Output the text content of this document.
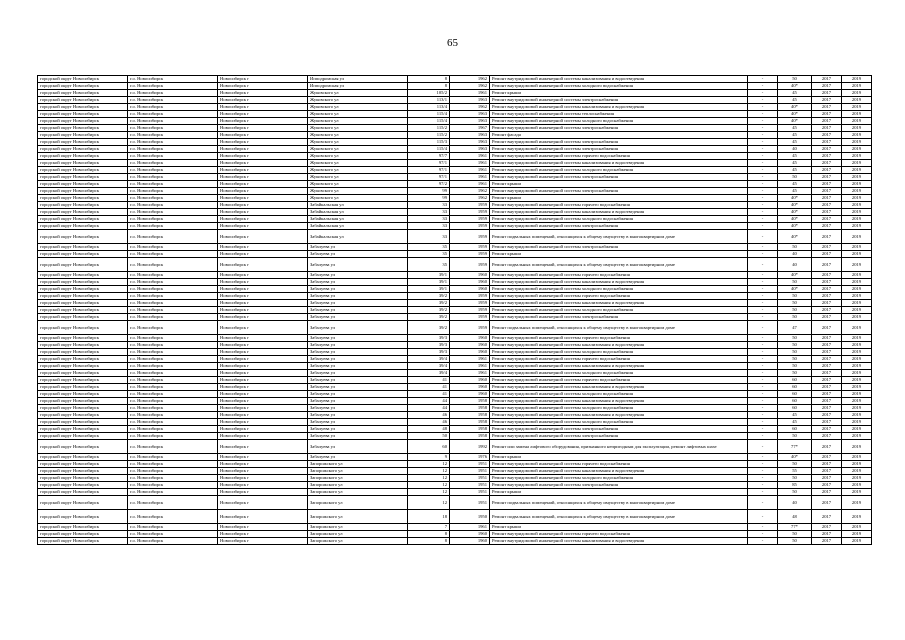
65
городской округ Новосибирск	г.о. Новосибирск	Новосибирск г	Ипподромская ул	8	1962	Ремонт внутридомовой инженерной системы канализования и водоотведения	-	50	2017	2019
городской округ Новосибирск	г.о. Новосибирск	Новосибирск г	Ипподромская ул	8	1962	Ремонт внутридомовой инженерной системы холодного водоснабжения	-	40*	2017	2019
городской округ Новосибирск	г.о. Новосибирск	Новосибирск г	Жуковского ул	105/2	1961	Ремонт крыши	-	45	2017	2019
городской округ Новосибирск	г.о. Новосибирск	Новосибирск г	Жуковского ул	113/1	1963	Ремонт внутридомовой инженерной системы электроснабжения	-	45	2017	2019
городской округ Новосибирск	г.о. Новосибирск	Новосибирск г	Жуковского ул	113/4	1962	Ремонт внутридомовой инженерной системы канализования и водоотведения	-	40*	2017	2019
городской округ Новосибирск	г.о. Новосибирск	Новосибирск г	Жуковского ул	115/4	1963	Ремонт внутридомовой инженерной системы теплоснабжения	-	40*	2017	2019
городской округ Новосибирск	г.о. Новосибирск	Новосибирск г	Жуковского ул	115/4	1963	Ремонт внутридомовой инженерной системы холодного водоснабжения	-	40*	2017	2019
городской округ Новосибирск	г.о. Новосибирск	Новосибирск г	Жуковского ул	115/2	1967	Ремонт внутридомовой инженерной системы электроснабжения	-	45	2017	2019
городской округ Новосибирск	г.о. Новосибирск	Новосибирск г	Жуковского ул	115/2	1963	Ремонт фасада	-	45	2017	2019
городской округ Новосибирск	г.о. Новосибирск	Новосибирск г	Жуковского ул	115/3	1963	Ремонт внутридомовой инженерной системы электроснабжения	-	45	2017	2019
городской округ Новосибирск	г.о. Новосибирск	Новосибирск г	Жуковского ул	115/4	1963	Ремонт внутридомовой инженерной системы электроснабжения	-	40	2017	2019
городской округ Новосибирск	г.о. Новосибирск	Новосибирск г	Жуковского ул	97/7	1961	Ремонт внутридомовой инженерной системы горячего водоснабжения	-	45	2017	2019
городской округ Новосибирск	г.о. Новосибирск	Новосибирск г	Жуковского ул	97/1	1961	Ремонт внутридомовой инженерной системы канализования и водоотведения	-	45	2017	2019
городской округ Новосибирск	г.о. Новосибирск	Новосибирск г	Жуковского ул	97/1	1961	Ремонт внутридомовой инженерной системы холодного водоснабжения	-	45	2017	2019
городской округ Новосибирск	г.о. Новосибирск	Новосибирск г	Жуковского ул	97/1	1961	Ремонт внутридомовой инженерной системы электроснабжения	-	50	2017	2019
городской округ Новосибирск	г.о. Новосибирск	Новосибирск г	Жуковского ул	97/2	1961	Ремонт крыши	-	45	2017	2019
городской округ Новосибирск	г.о. Новосибирск	Новосибирск г	Жуковского ул	99	1962	Ремонт внутридомовой инженерной системы электроснабжения	-	45	2017	2019
городской округ Новосибирск	г.о. Новосибирск	Новосибирск г	Жуковского ул	99	1962	Ремонт крыши	-	40*	2017	2019
городской округ Новосибирск	г.о. Новосибирск	Новосибирск г	Забайкальская ул	33	1959	Ремонт внутридомовой инженерной системы горячего водоснабжения	-	40*	2017	2019
городской округ Новосибирск	г.о. Новосибирск	Новосибирск г	Забайкальская ул	33	1959	Ремонт внутридомовой инженерной системы канализования и водоотведения	-	40*	2017	2019
городской округ Новосибирск	г.о. Новосибирск	Новосибирск г	Забайкальская ул	33	1959	Ремонт внутридомовой инженерной системы холодного водоснабжения	-	40*	2017	2019
городской округ Новосибирск	г.о. Новосибирск	Новосибирск г	Забайкальская ул	33	1959	Ремонт внутридомовой инженерной системы электроснабжения	-	40*	2017	2019
городской округ Новосибирск	г.о. Новосибирск	Новосибирск г	Забайкальская ул	33	1959	Ремонт подвальных помещений, относящихся к общему имуществу в многоквартирном доме	-	40*	2017	2019
городской округ Новосибирск	г.о. Новосибирск	Новосибирск г	Забалуева ул	35	1959	Ремонт внутридомовой инженерной системы электроснабжения	-	50	2017	2019
городской округ Новосибирск	г.о. Новосибирск	Новосибирск г	Забалуева ул	35	1959	Ремонт крыши	-	40	2017	2019
городской округ Новосибирск	г.о. Новосибирск	Новосибирск г	Забалуева ул	35	1959	Ремонт подвальных помещений, относящихся к общему имуществу в многоквартирном доме	-	40	2017	2019
городской округ Новосибирск	г.о. Новосибирск	Новосибирск г	Забалуева ул	39/1	1960	Ремонт внутридомовой инженерной системы горячего водоснабжения	-	40*	2017	2019
городской округ Новосибирск	г.о. Новосибирск	Новосибирск г	Забалуева ул	39/1	1960	Ремонт внутридомовой инженерной системы канализования и водоотведения	-	50	2017	2019
городской округ Новосибирск	г.о. Новосибирск	Новосибирск г	Забалуева ул	39/1	1960	Ремонт внутридомовой инженерной системы холодного водоснабжения	-	40*	2017	2019
городской округ Новосибирск	г.о. Новосибирск	Новосибирск г	Забалуева ул	39/2	1959	Ремонт внутридомовой инженерной системы горячего водоснабжения	-	50	2017	2019
городской округ Новосибирск	г.о. Новосибирск	Новосибирск г	Забалуева ул	39/2	1959	Ремонт внутридомовой инженерной системы канализования и водоотведения	-	50	2017	2019
городской округ Новосибирск	г.о. Новосибирск	Новосибирск г	Забалуева ул	39/2	1959	Ремонт внутридомовой инженерной системы холодного водоснабжения	-	50	2017	2019
городской округ Новосибирск	г.о. Новосибирск	Новосибирск г	Забалуева ул	39/2	1959	Ремонт внутридомовой инженерной системы электроснабжения	-	50	2017	2019
городской округ Новосибирск	г.о. Новосибирск	Новосибирск г	Забалуева ул	39/2	1959	Ремонт подвальных помещений, относящихся к общему имуществу в многоквартирном доме	-	47	2017	2019
городской округ Новосибирск	г.о. Новосибирск	Новосибирск г	Забалуева ул	39/3	1960	Ремонт внутридомовой инженерной системы горячего водоснабжения	-	50	2017	2019
городской округ Новосибирск	г.о. Новосибирск	Новосибирск г	Забалуева ул	39/3	1960	Ремонт внутридомовой инженерной системы канализования и водоотведения	-	50	2017	2019
городской округ Новосибирск	г.о. Новосибирск	Новосибирск г	Забалуева ул	39/3	1960	Ремонт внутридомовой инженерной системы холодного водоснабжения	-	50	2017	2019
городской округ Новосибирск	г.о. Новосибирск	Новосибирск г	Забалуева ул	39/4	1961	Ремонт внутридомовой инженерной системы горячего водоснабжения	-	50	2017	2019
городской округ Новосибирск	г.о. Новосибирск	Новосибирск г	Забалуева ул	39/4	1961	Ремонт внутридомовой инженерной системы канализования и водоотведения	-	50	2017	2019
городской округ Новосибирск	г.о. Новосибирск	Новосибирск г	Забалуева ул	39/4	1961	Ремонт внутридомовой инженерной системы холодного водоснабжения	-	50	2017	2019
городской округ Новосибирск	г.о. Новосибирск	Новосибирск г	Забалуева ул	41	1960	Ремонт внутридомовой инженерной системы горячего водоснабжения	-	60	2017	2019
городской округ Новосибирск	г.о. Новосибирск	Новосибирск г	Забалуева ул	41	1960	Ремонт внутридомовой инженерной системы канализования и водоотведения	-	60	2017	2019
городской округ Новосибирск	г.о. Новосибирск	Новосибирск г	Забалуева ул	41	1960	Ремонт внутридомовой инженерной системы холодного водоснабжения	-	60	2017	2019
городской округ Новосибирск	г.о. Новосибирск	Новосибирск г	Забалуева ул	44	1958	Ремонт внутридомовой инженерной системы канализования и водоотведения	-	60	2017	2019
городской округ Новосибирск	г.о. Новосибирск	Новосибирск г	Забалуева ул	44	1958	Ремонт внутридомовой инженерной системы холодного водоснабжения	-	60	2017	2019
городской округ Новосибирск	г.о. Новосибирск	Новосибирск г	Забалуева ул	46	1958	Ремонт внутридомовой инженерной системы канализования и водоотведения	-	45	2017	2019
городской округ Новосибирск	г.о. Новосибирск	Новосибирск г	Забалуева ул	46	1958	Ремонт внутридомовой инженерной системы холодного водоснабжения	-	45	2017	2019
городской округ Новосибирск	г.о. Новосибирск	Новосибирск г	Забалуева ул	48	1958	Ремонт внутридомовой инженерной системы электроснабжения	-	60	2017	2019
городской округ Новосибирск	г.о. Новосибирск	Новосибирск г	Забалуева ул	50	1958	Ремонт внутридомовой инженерной системы электроснабжения	-	50	2017	2019
городской округ Новосибирск	г.о. Новосибирск	Новосибирск г	Забалуева ул	60	1992	Ремонт или замена лифтового оборудования, признанного непригодным для эксплуатации, ремонт лифтовых шахт	-	77*	2017	2019
городской округ Новосибирск	г.о. Новосибирск	Новосибирск г	Забалуева ул	9	1976	Ремонт крыши	-	40*	2017	2019
городской округ Новосибирск	г.о. Новосибирск	Новосибирск г	Запорожского ул	12	1951	Ремонт внутридомовой инженерной системы горячего водоснабжения	-	50	2017	2019
городской округ Новосибирск	г.о. Новосибирск	Новосибирск г	Запорожского ул	12	1951	Ремонт внутридомовой инженерной системы канализования и водоотведения	-	55	2017	2019
городской округ Новосибирск	г.о. Новосибирск	Новосибирск г	Запорожского ул	12	1951	Ремонт внутридомовой инженерной системы холодного водоснабжения	-	50	2017	2019
городской округ Новосибирск	г.о. Новосибирск	Новосибирск г	Запорожского ул	12	1951	Ремонт внутридомовой инженерной системы электроснабжения	-	85	2017	2019
городской округ Новосибирск	г.о. Новосибирск	Новосибирск г	Запорожского ул	12	1951	Ремонт крыши	-	50	2017	2019
городской округ Новосибирск	г.о. Новосибирск	Новосибирск г	Запорожского ул	12	1951	Ремонт подвальных помещений, относящихся к общему имуществу в многоквартирном доме	-	40	2017	2019
городской округ Новосибирск	г.о. Новосибирск	Новосибирск г	Запорожского ул	18	1950	Ремонт подвальных помещений, относящихся к общему имуществу в многоквартирном доме	-	48	2017	2019
городской округ Новосибирск	г.о. Новосибирск	Новосибирск г	Запорожского ул	7	1961	Ремонт крыши	-	77*	2017	2019
городской округ Новосибирск	г.о. Новосибирск	Новосибирск г	Запорожского ул	8	1960	Ремонт внутридомовой инженерной системы горячего водоснабжения	-	50	2017	2019
городской округ Новосибирск	г.о. Новосибирск	Новосибирск г	Запорожского ул	8	1960	Ремонт внутридомовой инженерной системы канализования и водоотведения	-	50	2017	2019
